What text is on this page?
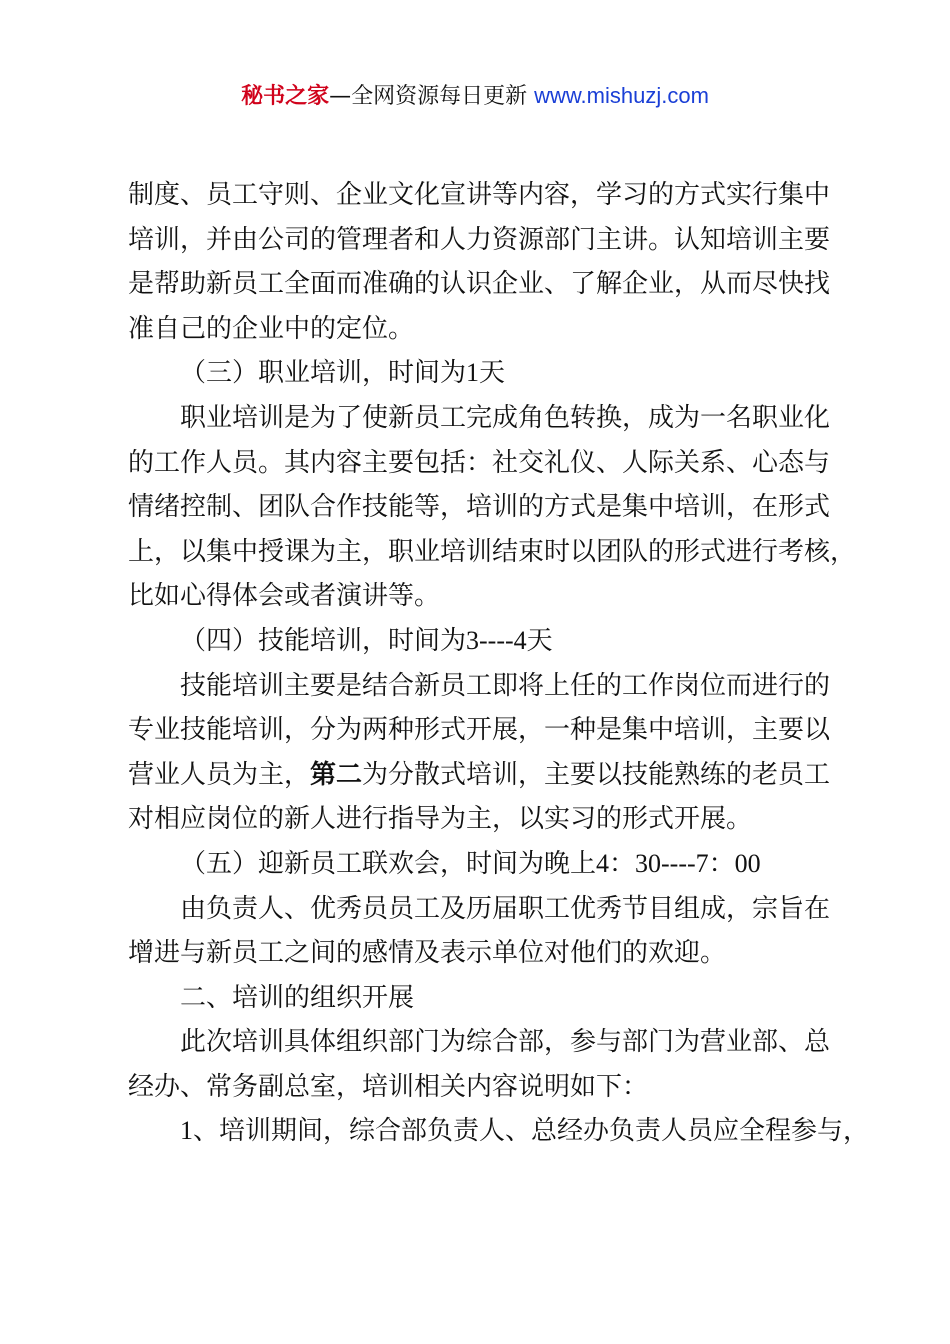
秘书之家—全网资源每日更新 www.mishuzj.com
制度、员工守则、企业文化宣讲等内容，学习的方式实行集中
培训，并由公司的管理者和人力资源部门主讲。认知培训主要
是帮助新员工全面而准确的认识企业、了解企业，从而尽快找
准自己的企业中的定位。
（三）职业培训，时间为1天
职业培训是为了使新员工完成角色转换，成为一名职业化
的工作人员。其内容主要包括：社交礼仪、人际关系、心态与
情绪控制、团队合作技能等，培训的方式是集中培训，在形式
上，以集中授课为主，职业培训结束时以团队的形式进行考核，
比如心得体会或者演讲等。
（四）技能培训，时间为3----4天
技能培训主要是结合新员工即将上任的工作岗位而进行的
专业技能培训，分为两种形式开展，一种是集中培训，主要以
营业人员为主，第二为分散式培训，主要以技能熟练的老员工
对相应岗位的新人进行指导为主，以实习的形式开展。
（五）迎新员工联欢会，时间为晚上4：30----7：00
由负责人、优秀员员工及历届职工优秀节目组成，宗旨在
增进与新员工之间的感情及表示单位对他们的欢迎。
二、培训的组织开展
此次培训具体组织部门为综合部，参与部门为营业部、总
经办、常务副总室，培训相关内容说明如下：
1、培训期间，综合部负责人、总经办负责人员应全程参与，
